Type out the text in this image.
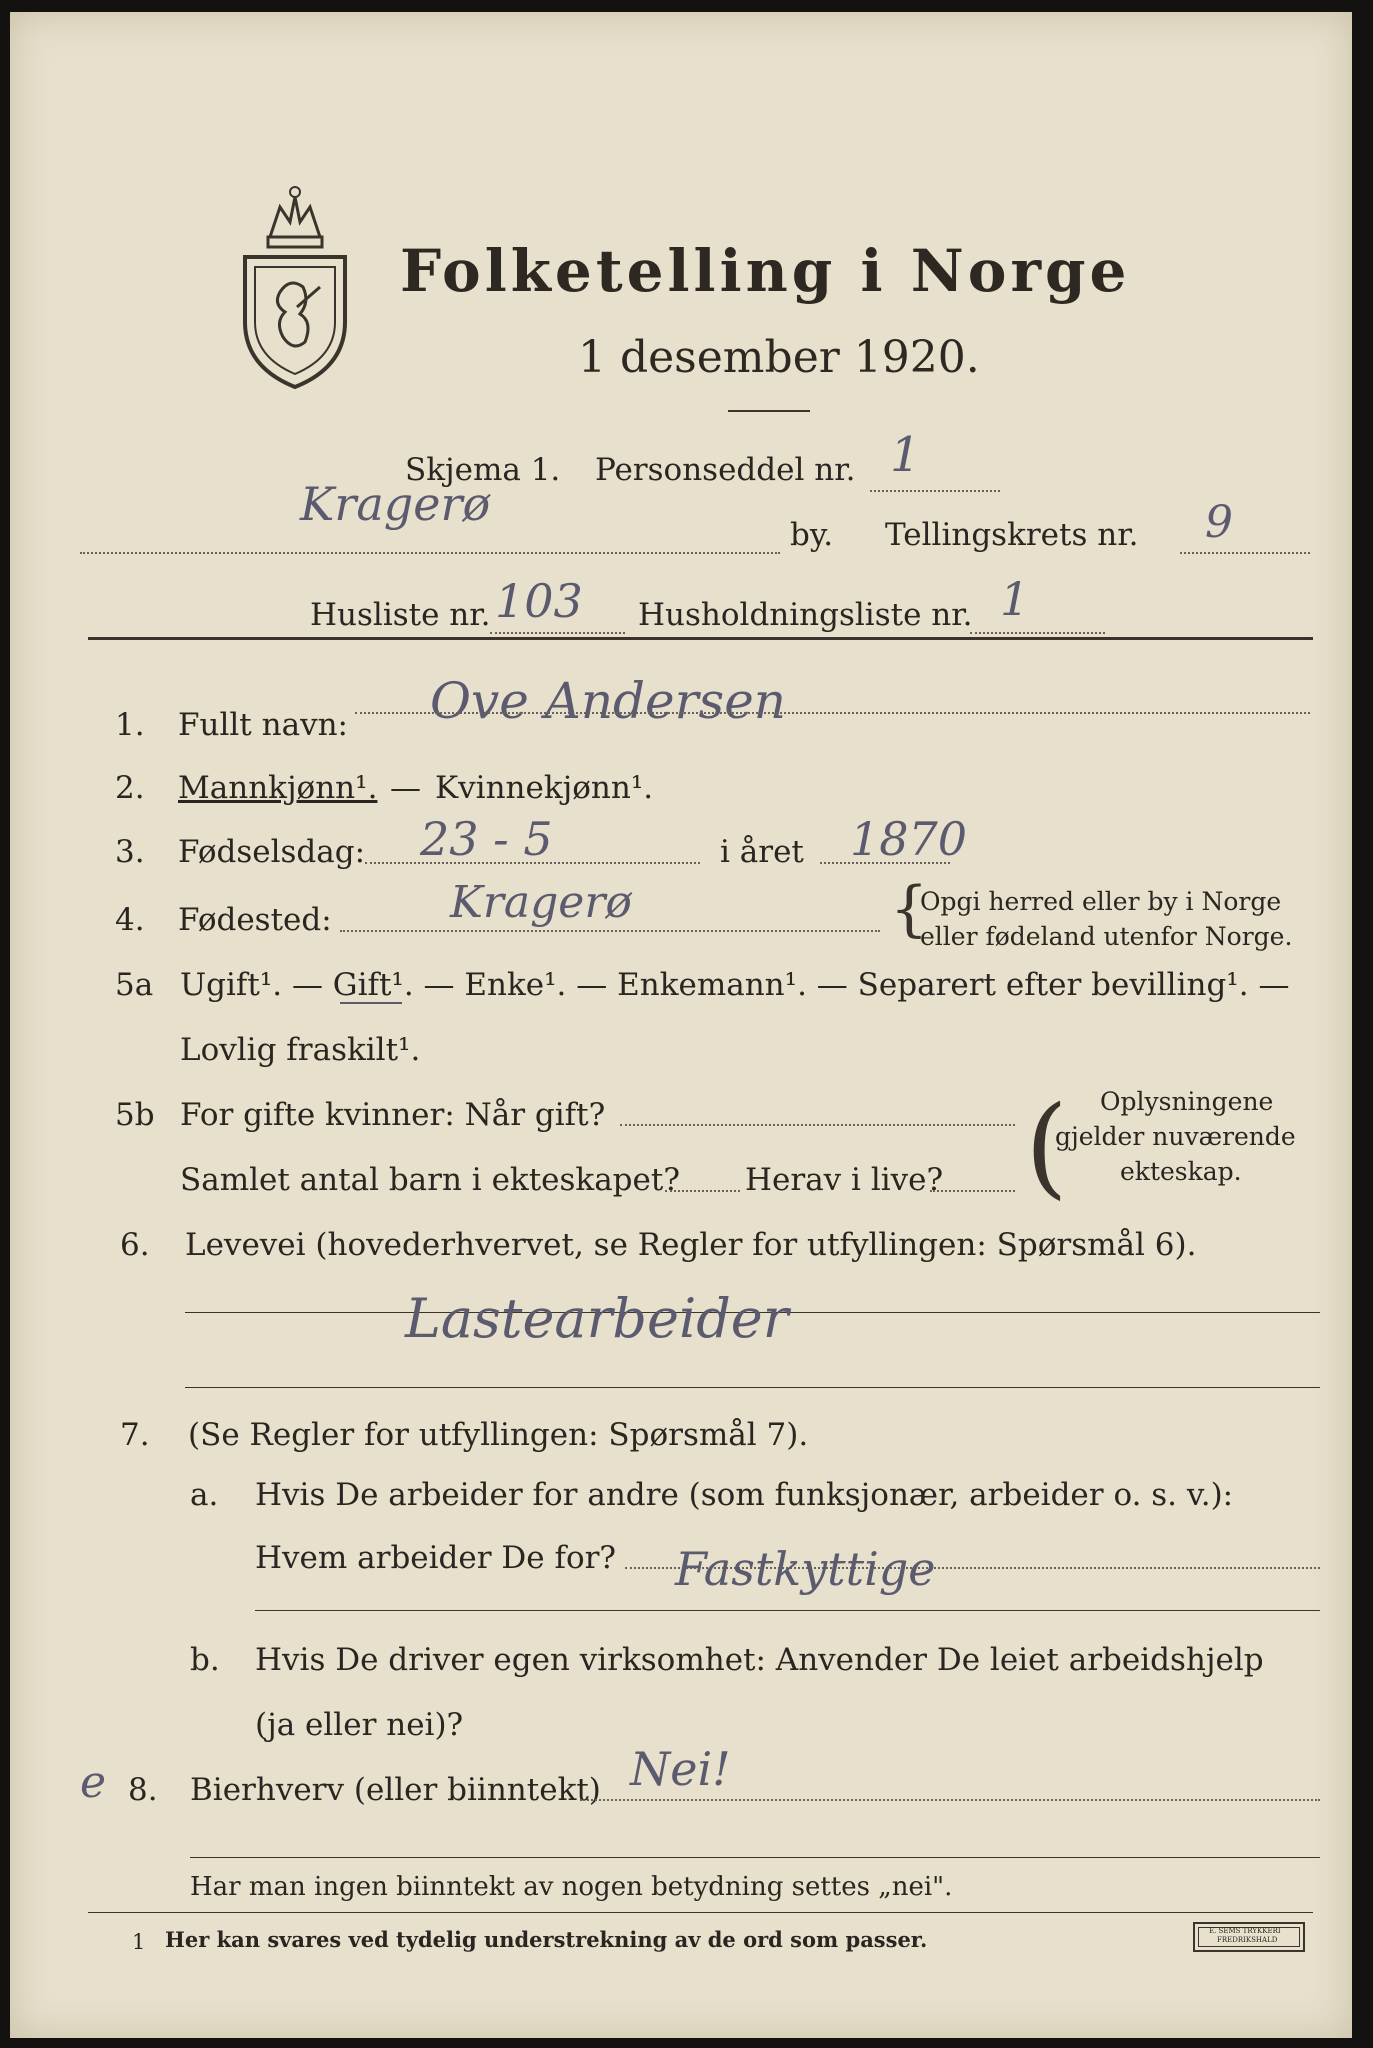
Folketelling i Norge
1 desember 1920.
Skjema 1. Personseddel nr. 1
Kragerø
by. Tellingskrets nr. 9
Husliste nr. 103 Husholdningsliste nr. 1
1. Fullt navn: Ove Andersen
2. Mannkjønn¹. — Kvinnekjønn¹.
3. Fødselsdag: 23 - 5	i året 1870
4. Fødested:	Kragerø	{
Opgi herred eller by i Norge
eller fødeland utenfor Norge.
5a Ugift¹. — Gift¹. — Enke¹. — Enkemann¹. — Separert efter bevilling¹. —
Lovlig fraskilt¹.
5b For gifte kvinner: Når gift?
Samlet antal barn i ekteskapet? Herav i live? ( Oplysningene
gjelder nuværende
ekteskap.
6. Levevei (hovederhvervet, se Regler for utfyllingen: Spørsmål 6).
Lastearbeider
7. (Se Regler for utfyllingen: Spørsmål 7).
a. Hvis De arbeider for andre (som funksjonær, arbeider o. s. v.):
Hvem arbeider De for? Fastkyttige
b. Hvis De driver egen virksomhet: Anvender De leiet arbeidshjelp
(ja eller nei)?
e 8. Bierhverv (eller biinntekt) Nei!
Har man ingen biinntekt av nogen betydning settes „nei".
1 Her kan svares ved tydelig understrekning av de ord som passer.	E. SEMS TRYKKERI
FREDRIKSHALD
